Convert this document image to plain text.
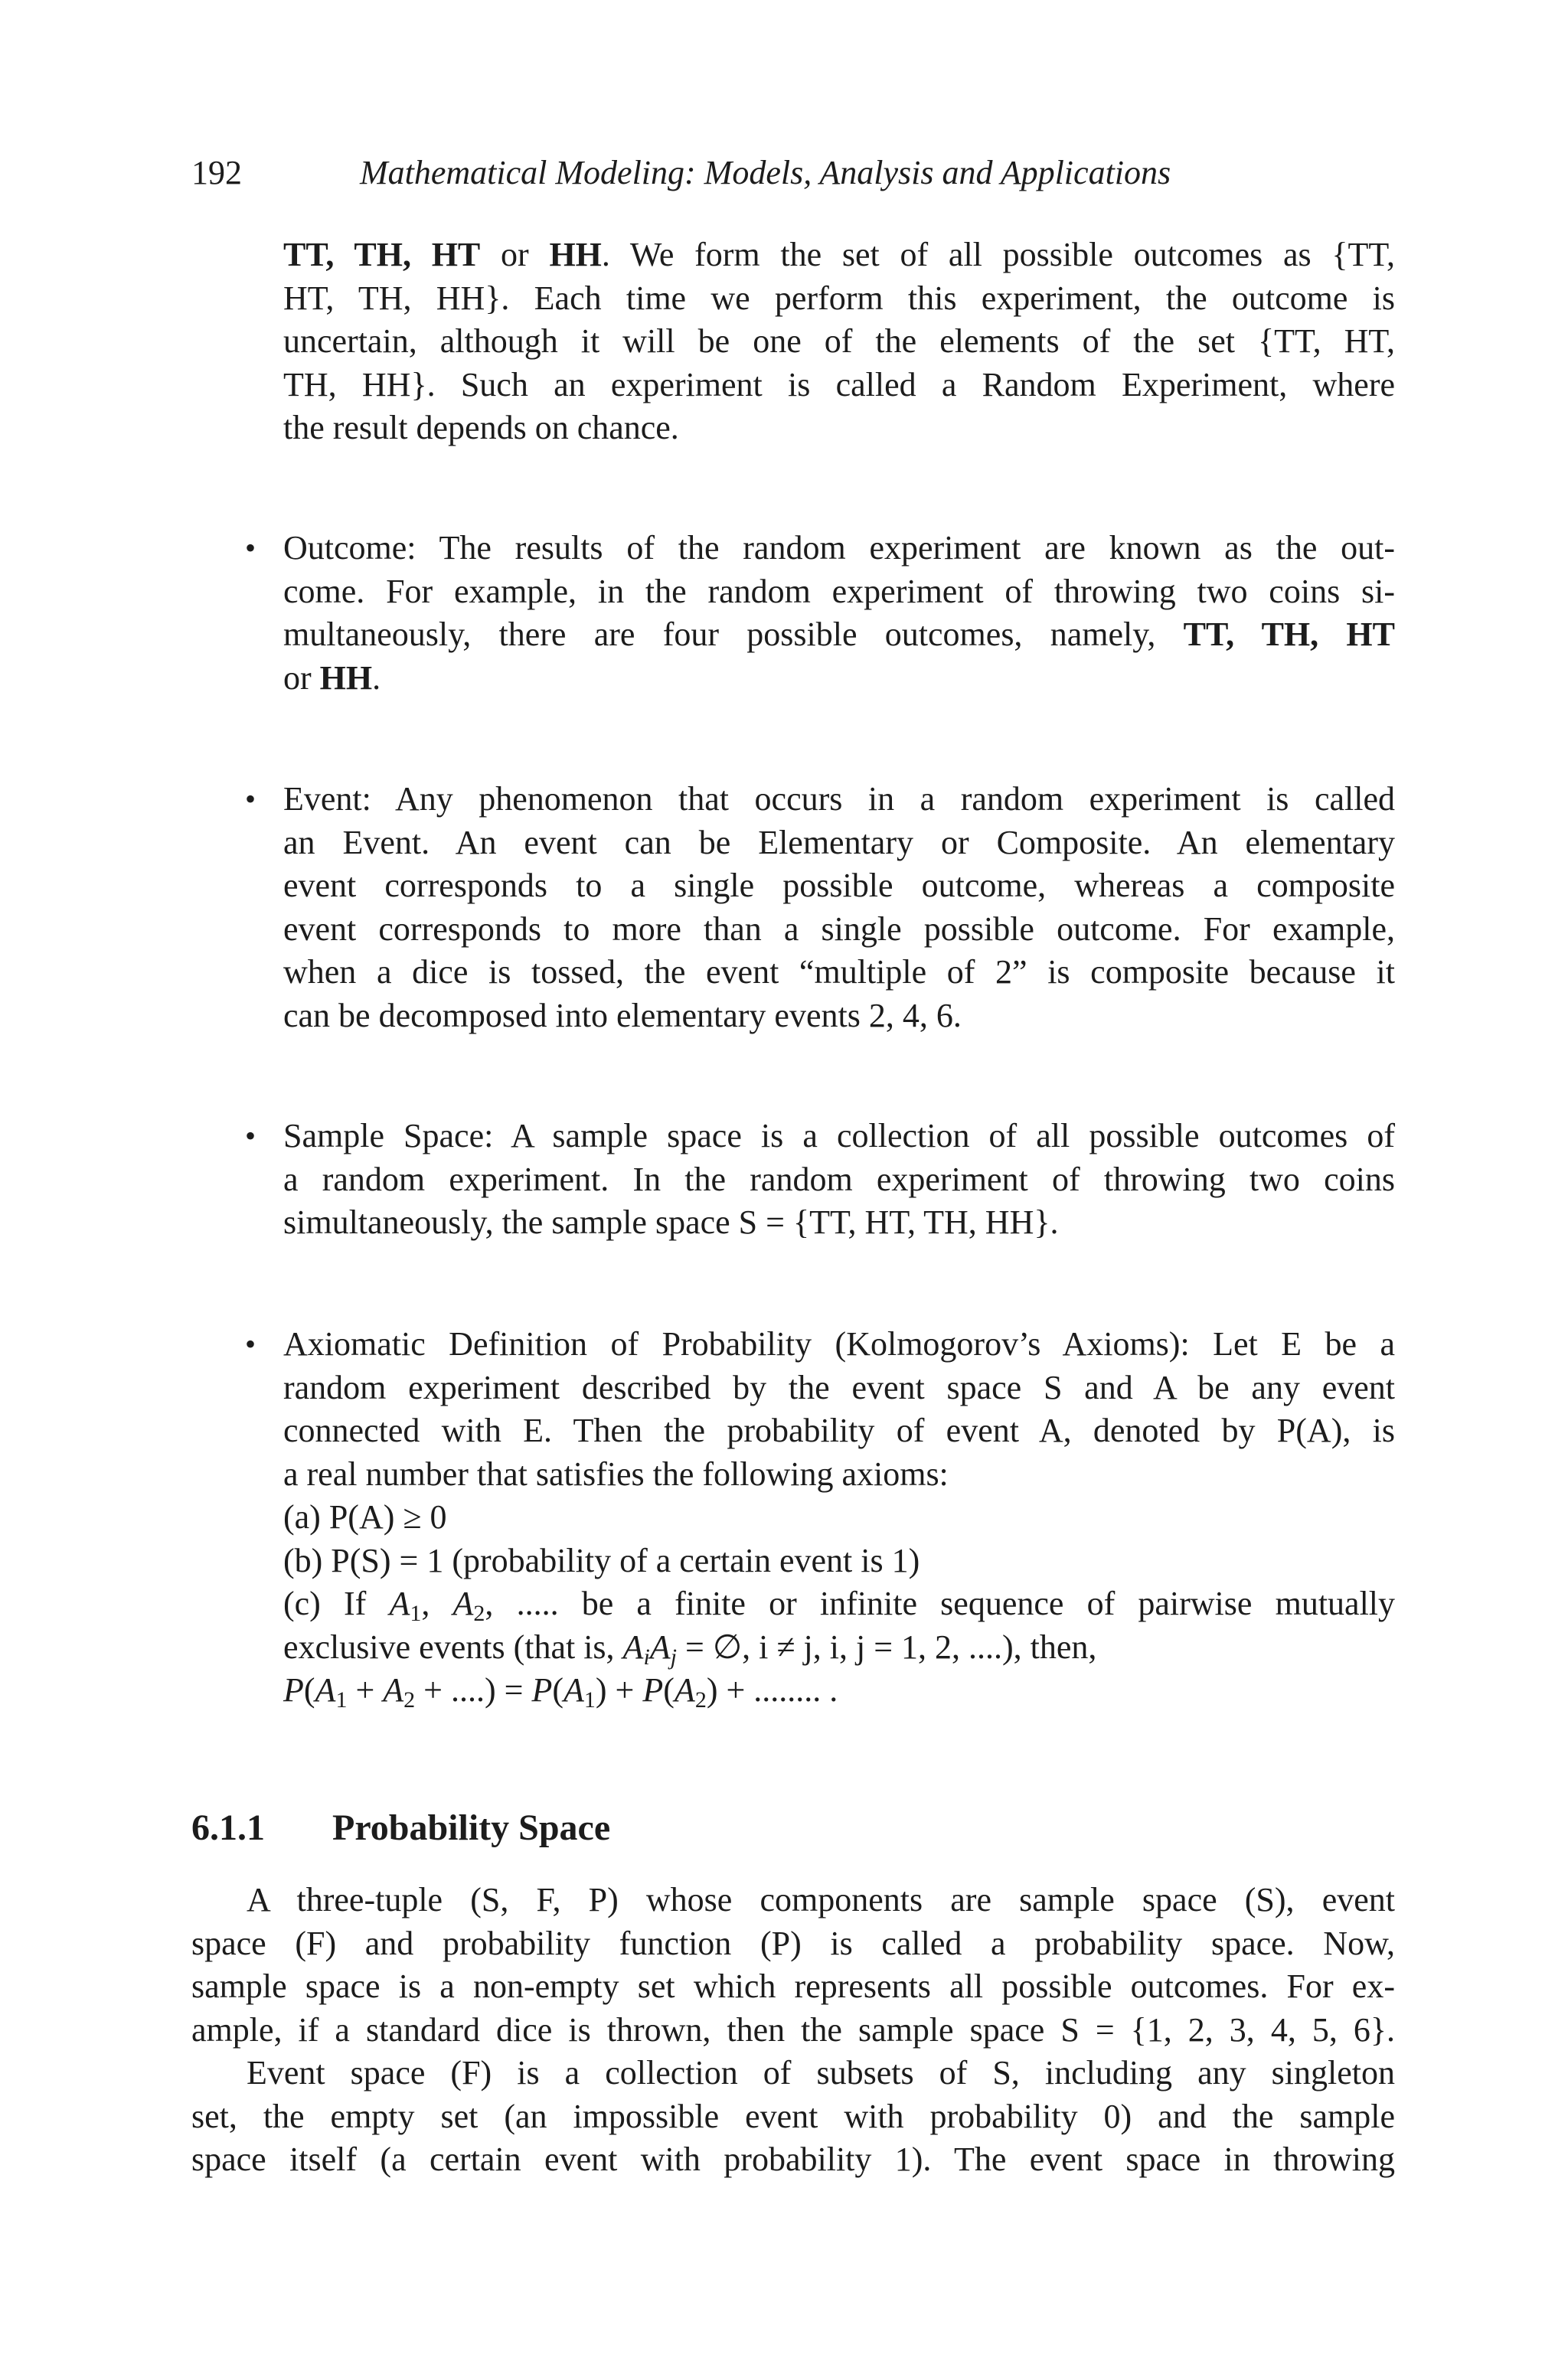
192	Mathematical Modeling: Models, Analysis and Applications
TT, TH, HT or HH. We form the set of all possible outcomes as {TT,
HT, TH, HH}. Each time we perform this experiment, the outcome is
uncertain, although it will be one of the elements of the set {TT, HT,
TH, HH}. Such an experiment is called a Random Experiment, where
the result depends on chance.
• Outcome: The results of the random experiment are known as the out-
come. For example, in the random experiment of throwing two coins si-
multaneously, there are four possible outcomes, namely, TT, TH, HT
or HH.
• Event: Any phenomenon that occurs in a random experiment is called
an Event. An event can be Elementary or Composite. An elementary
event corresponds to a single possible outcome, whereas a composite
event corresponds to more than a single possible outcome. For example,
when a dice is tossed, the event “multiple of 2” is composite because it
can be decomposed into elementary events 2, 4, 6.
• Sample Space: A sample space is a collection of all possible outcomes of
a random experiment. In the random experiment of throwing two coins
simultaneously, the sample space S = {TT, HT, TH, HH}.
• Axiomatic Definition of Probability (Kolmogorov’s Axioms): Let E be a
random experiment described by the event space S and A be any event
connected with E. Then the probability of event A, denoted by P(A), is
a real number that satisfies the following axioms:
(a) P(A) ≥ 0
(b) P(S) = 1 (probability of a certain event is 1)
(c) If $A_1$, $A_2$, ..... be a finite or infinite sequence of pairwise mutually
exclusive events (that is, $A_iA_j$ = ∅, i ≠ j, i, j = 1, 2, ....), then,
$P(A_1 + A_2$ + ....) = $P(A_1) + P(A_2)$ + ........ .
6.1.1 Probability Space
A three-tuple (S, F, P) whose components are sample space (S), event
space (F) and probability function (P) is called a probability space. Now,
sample space is a non-empty set which represents all possible outcomes. For ex-
ample, if a standard dice is thrown, then the sample space S = {1, 2, 3, 4, 5, 6}.
Event space (F) is a collection of subsets of S, including any singleton
set, the empty set (an impossible event with probability 0) and the sample
space itself (a certain event with probability 1). The event space in throwing
